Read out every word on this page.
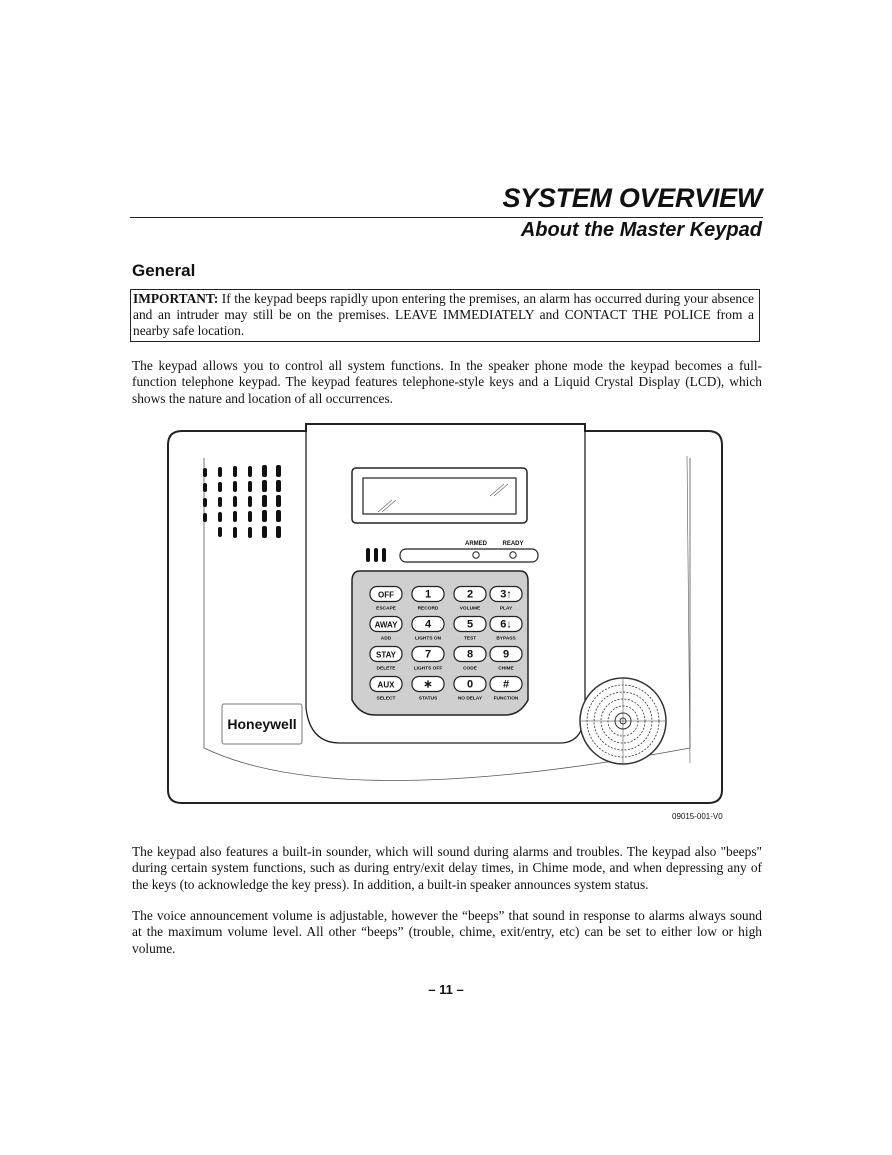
SYSTEM OVERVIEW
About the Master Keypad
General
IMPORTANT: If the keypad beeps rapidly upon entering the premises, an alarm has occurred during your absence and an intruder may still be on the premises. LEAVE IMMEDIATELY and CONTACT THE POLICE from a nearby safe location.

The keypad allows you to control all system functions. In the speaker phone mode the keypad becomes a full-function telephone keypad. The keypad features telephone-style keys and a Liquid Crystal Display (LCD), which shows the nature and location of all occurrences.

ARMED	READY
OFF
ESCAPE
1
RECORD
2
VOLUME
3↑
PLAY
AWAY
ADD
4
LIGHTS ON
5
TEST
6↓
BYPASS
STAY
DELETE
7
LIGHTS OFF
8
CODE
9
CHIME
AUX
SELECT
∗
STATUS
0
NO DELAY
#
FUNCTION
Honeywell
09015-001-V0

The keypad also features a built-in sounder, which will sound during alarms and troubles. The keypad also "beeps" during certain system functions, such as during entry/exit delay times, in Chime mode, and when depressing any of the keys (to acknowledge the key press). In addition, a built-in speaker announces system status.

The voice announcement volume is adjustable, however the “beeps” that sound in response to alarms always sound at the maximum volume level. All other “beeps” (trouble, chime, exit/entry, etc) can be set to either low or high volume.

– 11 –
